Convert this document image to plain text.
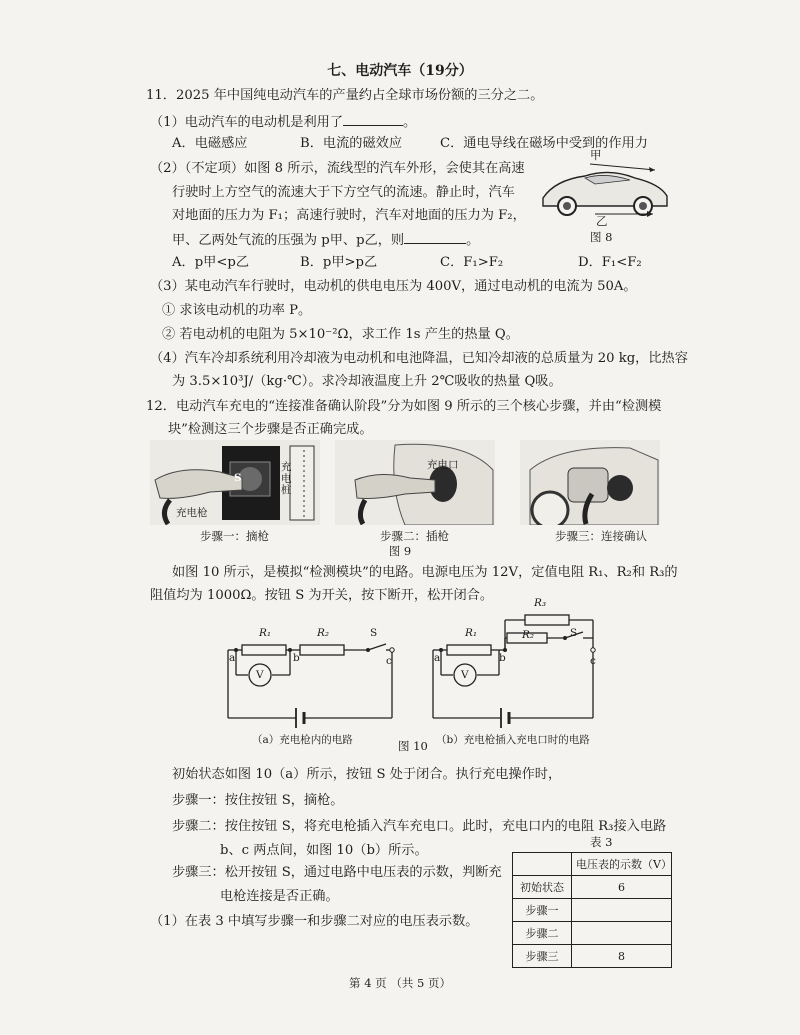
七、电动汽车（19分）
11．2025 年中国纯电动汽车的产量约占全球市场份额的三分之二。
（1）电动汽车的电动机是利用了	。
A．电磁感应	B．电流的磁效应	C．通电导线在磁场中受到的作用力
（2）（不定项）如图 8 所示，流线型的汽车外形，会使其在高速
行驶时上方空气的流速大于下方空气的流速。静止时，汽车
对地面的压力为 F₁；高速行驶时，汽车对地面的压力为 F₂，
甲、乙两处气流的压强为 p甲、p乙，则	。
A．p甲<p乙	B．p甲>p乙	C．F₁>F₂	D．F₁<F₂
甲
乙
图 8
（3）某电动汽车行驶时，电动机的供电电压为 400V，通过电动机的电流为 50A。
① 求该电动机的功率 P。
② 若电动机的电阻为 5×10⁻²Ω，求工作 1s 产生的热量 Q。
（4）汽车冷却系统利用冷却液为电动机和电池降温，已知冷却液的总质量为 20 kg，比热容
为 3.5×10³J/（kg·℃）。求冷却液温度上升 2℃吸收的热量 Q吸。
12．电动汽车充电的“连接准备确认阶段”分为如图 9 所示的三个核心步骤，并由“检测模
块”检测这三个步骤是否正确完成。
S
充电桩
充电枪
充电口
步骤一：摘枪	步骤二：插枪	步骤三：连接确认
图 9
如图 10 所示，是模拟“检测模块”的电路。电源电压为 12V，定值电阻 R₁、R₂和 R₃的
阻值均为 1000Ω。按钮 S 为开关，按下断开，松开闭合。
R₁	R₂	S
a	b	c
V
R₃
R₁	R₂	S
a	b	c
V
（a）充电枪内的电路	（b）充电枪插入充电口时的电路
图 10
初始状态如图 10（a）所示，按钮 S 处于闭合。执行充电操作时，
步骤一：按住按钮 S，摘枪。
步骤二：按住按钮 S，将充电枪插入汽车充电口。此时，充电口内的电阻 R₃接入电路
b、c 两点间，如图 10（b）所示。
步骤三：松开按钮 S，通过电路中电压表的示数，判断充
电枪连接是否正确。
（1）在表 3 中填写步骤一和步骤二对应的电压表示数。
表 3
	电压表的示数（V）
初始状态	6
步骤一	
步骤二	
步骤三	8
第 4 页 （共 5 页）
